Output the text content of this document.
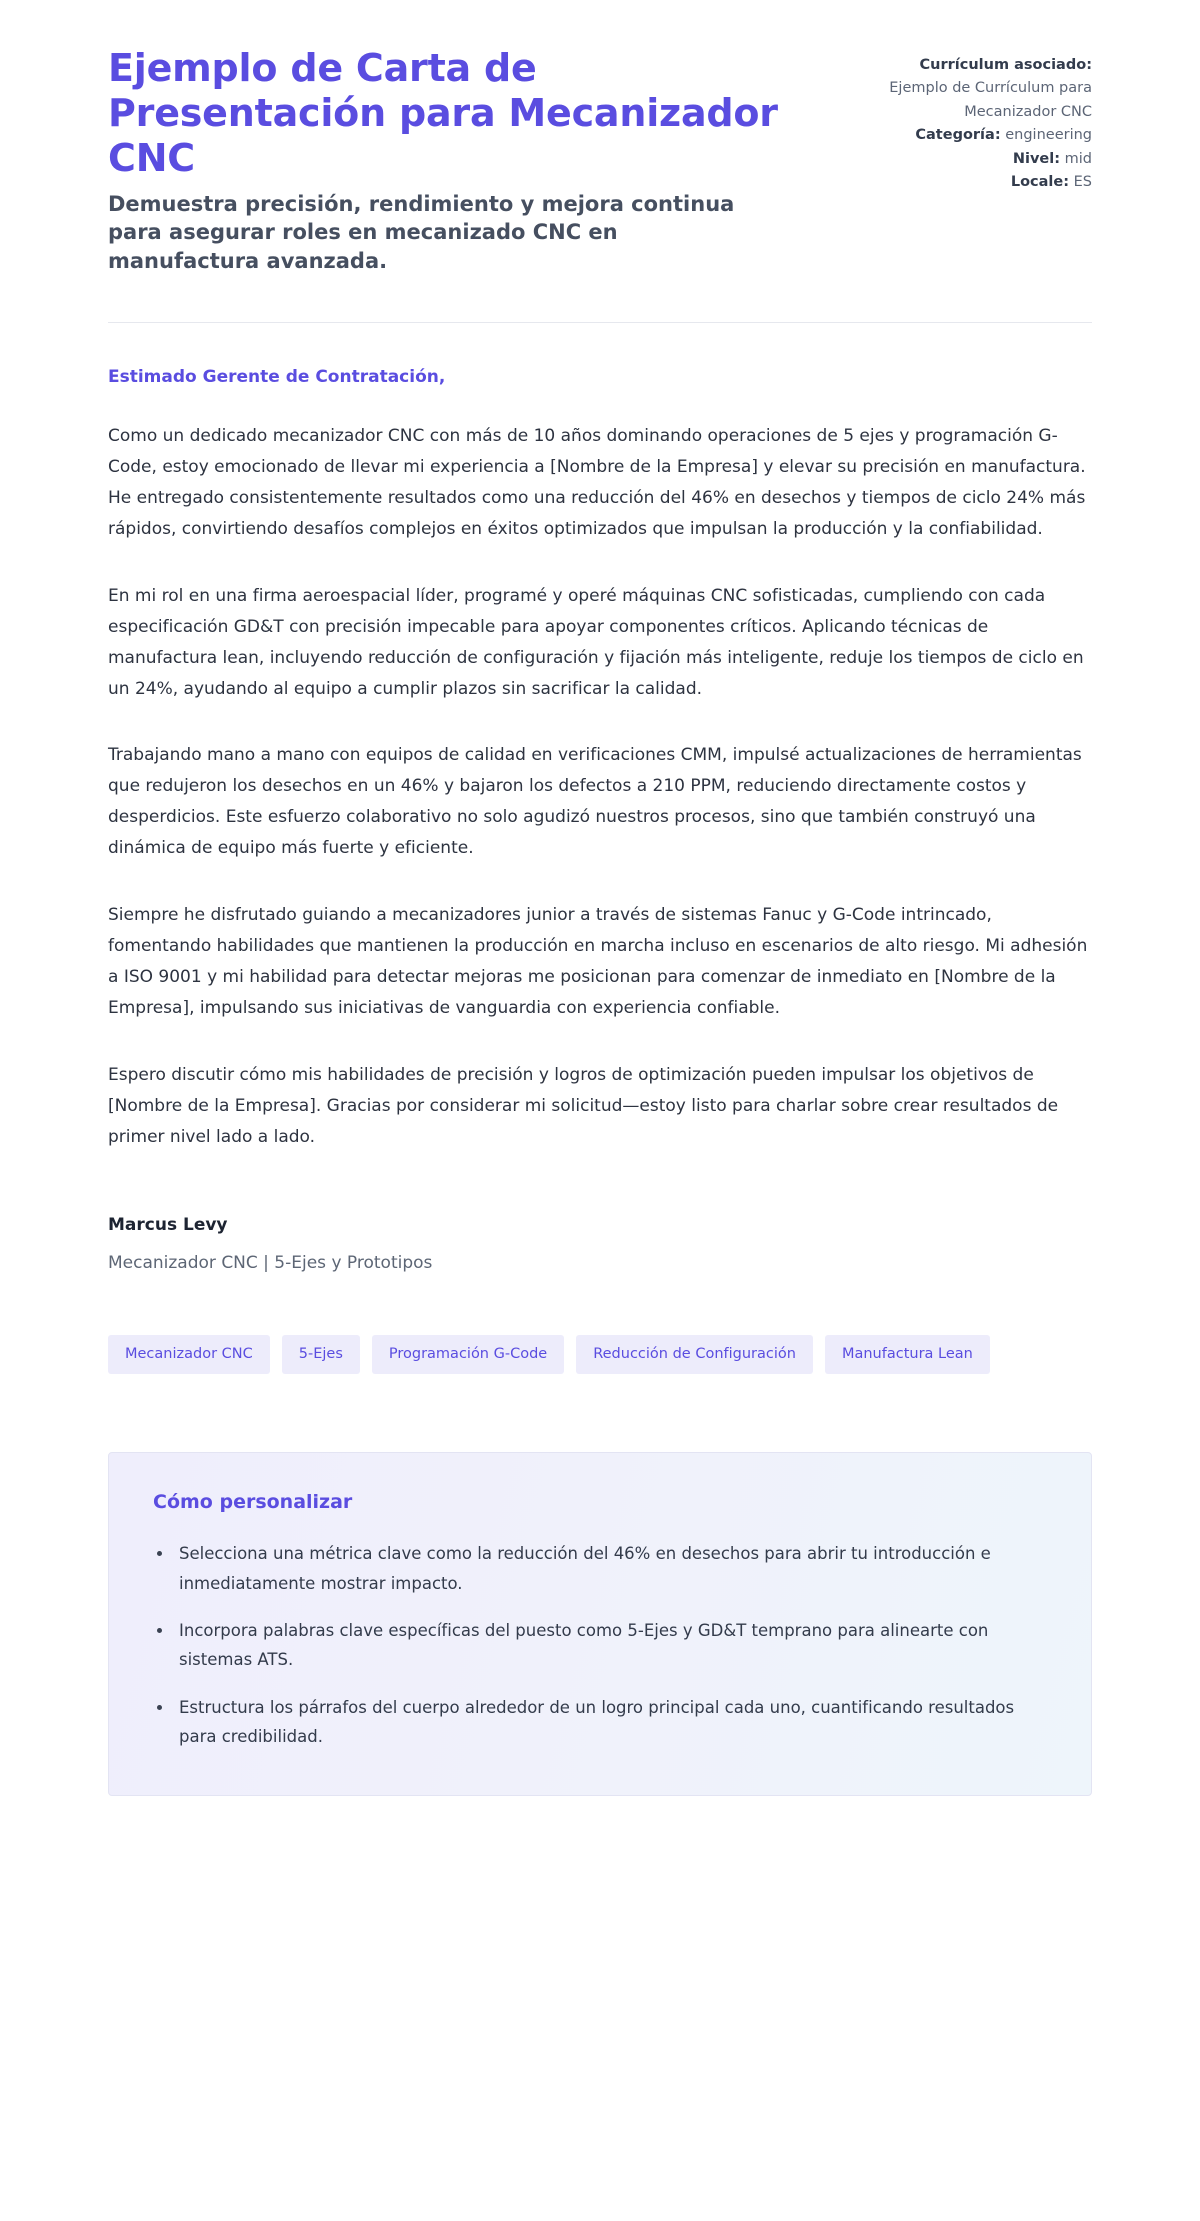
Ejemplo de Carta de Presentación para Mecanizador CNC
Demuestra precisión, rendimiento y mejora continua para asegurar roles en mecanizado CNC en manufactura avanzada.
Currículum asociado:
Ejemplo de Currículum para Mecanizador CNC
Categoría: engineering
Nivel: mid
Locale: ES
Estimado Gerente de Contratación,

Como un dedicado mecanizador CNC con más de 10 años dominando operaciones de 5 ejes y programación G-Code, estoy emocionado de llevar mi experiencia a [Nombre de la Empresa] y elevar su precisión en manufactura. He entregado consistentemente resultados como una reducción del 46% en desechos y tiempos de ciclo 24% más rápidos, convirtiendo desafíos complejos en éxitos optimizados que impulsan la producción y la confiabilidad.

En mi rol en una firma aeroespacial líder, programé y operé máquinas CNC sofisticadas, cumpliendo con cada especificación GD&T con precisión impecable para apoyar componentes críticos. Aplicando técnicas de manufactura lean, incluyendo reducción de configuración y fijación más inteligente, reduje los tiempos de ciclo en un 24%, ayudando al equipo a cumplir plazos sin sacrificar la calidad.

Trabajando mano a mano con equipos de calidad en verificaciones CMM, impulsé actualizaciones de herramientas que redujeron los desechos en un 46% y bajaron los defectos a 210 PPM, reduciendo directamente costos y desperdicios. Este esfuerzo colaborativo no solo agudizó nuestros procesos, sino que también construyó una dinámica de equipo más fuerte y eficiente.

Siempre he disfrutado guiando a mecanizadores junior a través de sistemas Fanuc y G-Code intrincado, fomentando habilidades que mantienen la producción en marcha incluso en escenarios de alto riesgo. Mi adhesión a ISO 9001 y mi habilidad para detectar mejoras me posicionan para comenzar de inmediato en [Nombre de la Empresa], impulsando sus iniciativas de vanguardia con experiencia confiable.

Espero discutir cómo mis habilidades de precisión y logros de optimización pueden impulsar los objetivos de [Nombre de la Empresa]. Gracias por considerar mi solicitud—estoy listo para charlar sobre crear resultados de primer nivel lado a lado.

Marcus Levy
Mecanizador CNC | 5-Ejes y Prototipos
Mecanizador CNC	5-Ejes	Programación G-Code	Reducción de Configuración	Manufactura Lean
Cómo personalizar
Selecciona una métrica clave como la reducción del 46% en desechos para abrir tu introducción e inmediatamente mostrar impacto.
Incorpora palabras clave específicas del puesto como 5-Ejes y GD&T temprano para alinearte con sistemas ATS.
Estructura los párrafos del cuerpo alrededor de un logro principal cada uno, cuantificando resultados para credibilidad.
